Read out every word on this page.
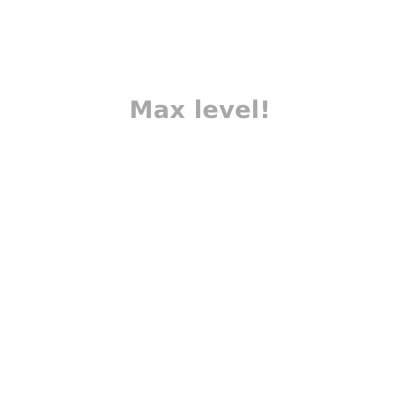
Max level!
